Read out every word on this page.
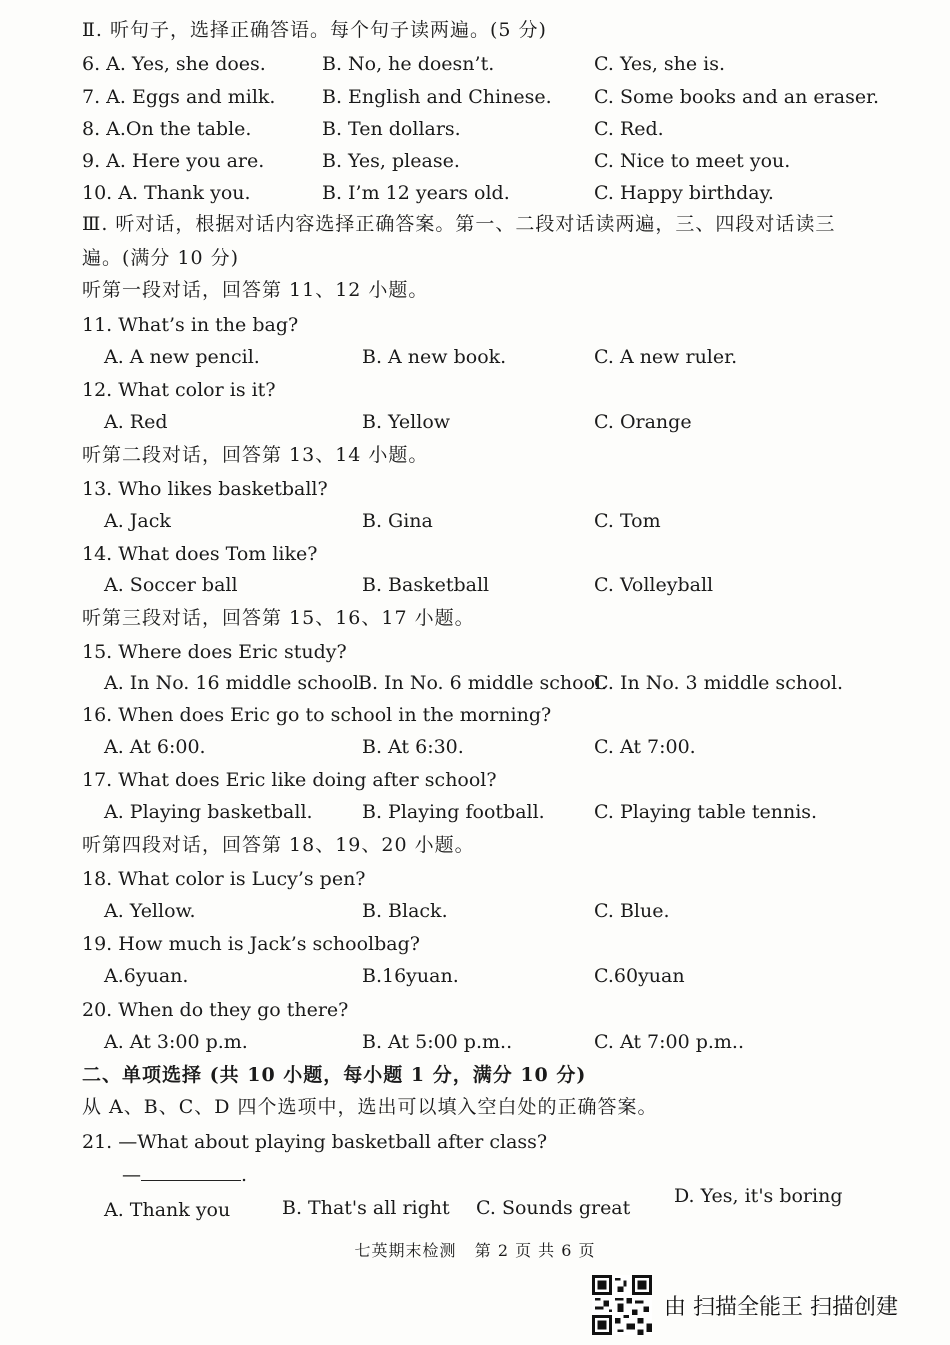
Ⅱ. 听句子，选择正确答语。每个句子读两遍。(5 分)
6. A. Yes, she does.	B. No, he doesn’t.	C. Yes, she is.
7. A. Eggs and milk. B. English and Chinese. C. Some books and an eraser.
8. A.On the table.	B. Ten dollars.	C. Red.
9. A. Here you are.	B. Yes, please.	C. Nice to meet you.
10. A. Thank you.	B. I’m 12 years old.	C. Happy birthday.
Ⅲ. 听对话，根据对话内容选择正确答案。第一、二段对话读两遍，三、四段对话读三
遍。(满分 10 分)
听第一段对话，回答第 11、12 小题。
11. What’s in the bag?
A. A new pencil.	B. A new book.	C. A new ruler.
12. What color is it?
A. Red	B. Yellow	C. Orange
听第二段对话，回答第 13、14 小题。
13. Who likes basketball?
A. Jack	B. Gina	C. Tom
14. What does Tom like?
A. Soccer ball	B. Basketball	C. Volleyball
听第三段对话，回答第 15、16、17 小题。
15. Where does Eric study?
A. In No. 16 middle school.
B. In No. 6 middle school.
C. In No. 3 middle school.
16. When does Eric go to school in the morning?
A. At 6:00.	B. At 6:30.	C. At 7:00.
17. What does Eric like doing after school?
A. Playing basketball.	B. Playing football.	C. Playing table tennis.
听第四段对话，回答第 18、19、20 小题。
18. What color is Lucy’s pen?
A. Yellow.	B. Black.	C. Blue.
19. How much is Jack’s schoolbag?
A.6yuan.	B.16yuan.	C.60yuan
20. When do they go there?
A. At 3:00 p.m.	B. At 5:00 p.m..	C. At 7:00 p.m..
二、单项选择 (共 10 小题，每小题 1 分，满分 10 分)
从 A、B、C、D 四个选项中，选出可以填入空白处的正确答案。
21. —What about playing basketball after class?
—	.
A. Thank you	B. That's all right C. Sounds great
D. Yes, it's boring
七英期末检测   第 2 页 共 6 页
由 扫描全能王 扫描创建
